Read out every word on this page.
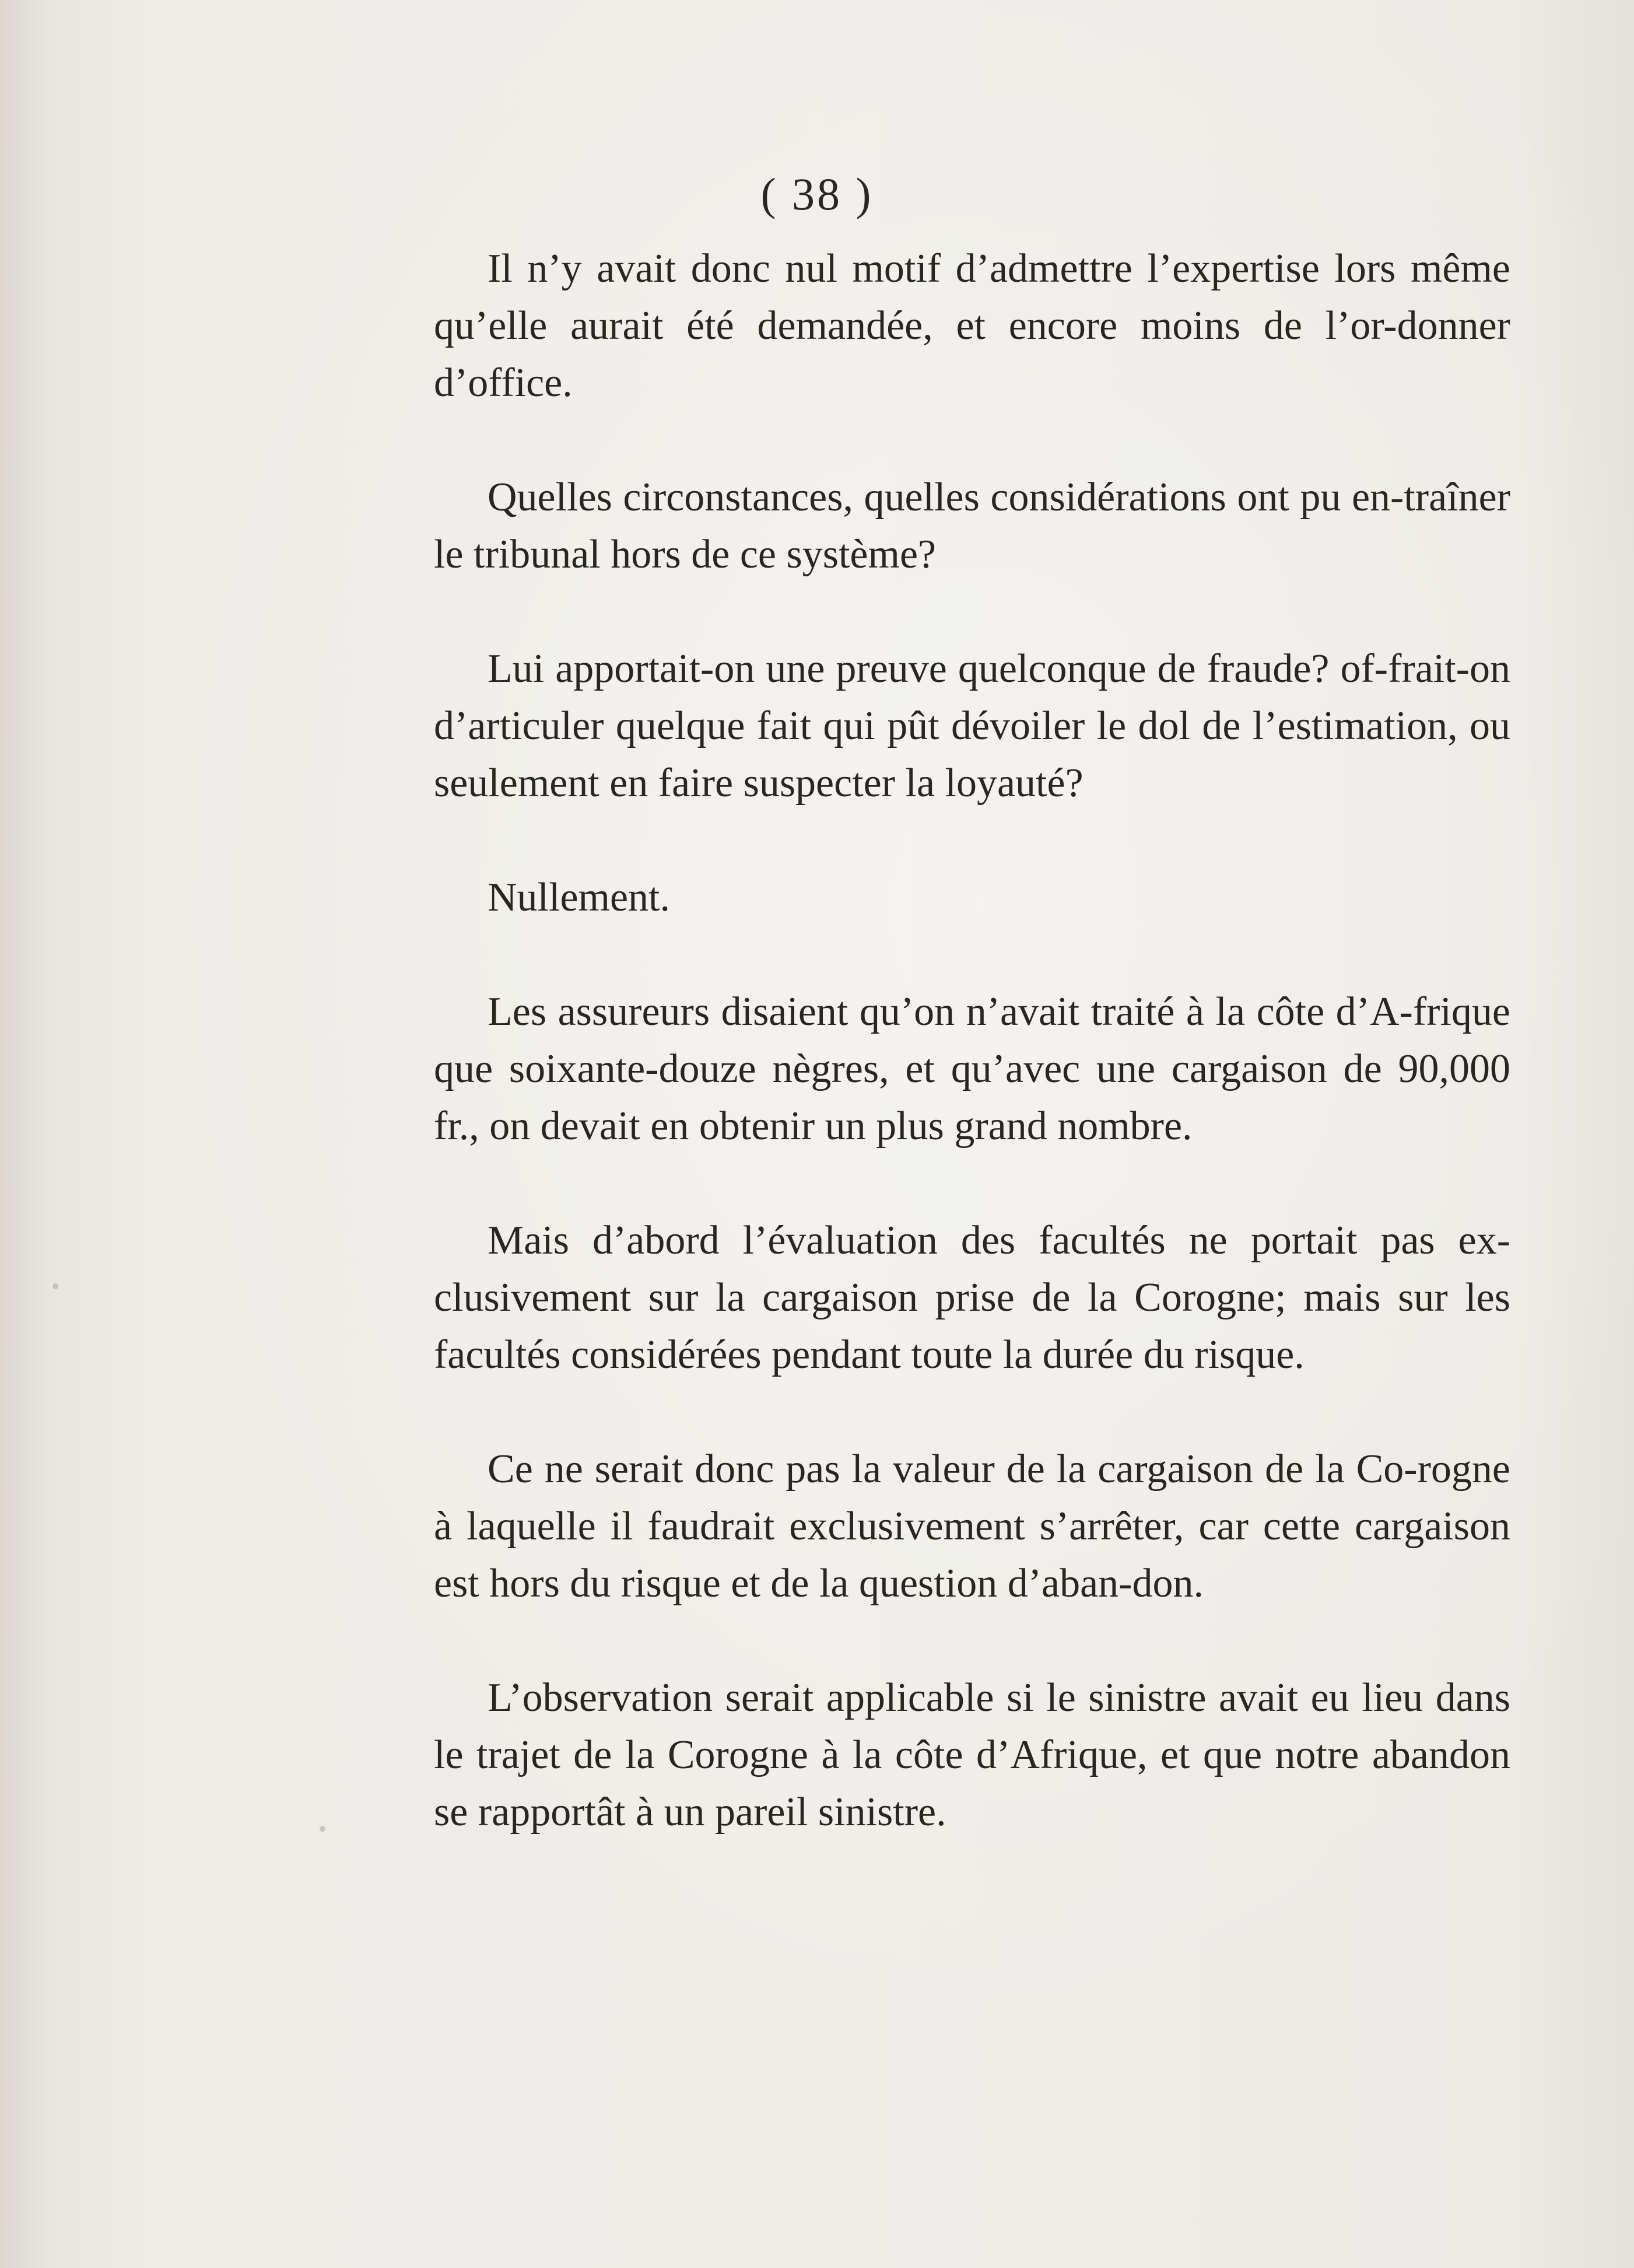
( 38 )

Il n’y avait donc nul motif d’admettre l’expertise lors même qu’elle aurait été demandée, et encore moins de l’or-donner d’office.

Quelles circonstances, quelles considérations ont pu en-traîner le tribunal hors de ce système?

Lui apportait-on une preuve quelconque de fraude? of-frait-on d’articuler quelque fait qui pût dévoiler le dol de l’estimation, ou seulement en faire suspecter la loyauté?

Nullement.

Les assureurs disaient qu’on n’avait traité à la côte d’A-frique que soixante-douze nègres, et qu’avec une cargaison de 90,000 fr., on devait en obtenir un plus grand nombre.

Mais d’abord l’évaluation des facultés ne portait pas ex-clusivement sur la cargaison prise de la Corogne; mais sur les facultés considérées pendant toute la durée du risque.

Ce ne serait donc pas la valeur de la cargaison de la Co-rogne à laquelle il faudrait exclusivement s’arrêter, car cette cargaison est hors du risque et de la question d’aban-don.

L’observation serait applicable si le sinistre avait eu lieu dans le trajet de la Corogne à la côte d’Afrique, et que notre abandon se rapportât à un pareil sinistre.
